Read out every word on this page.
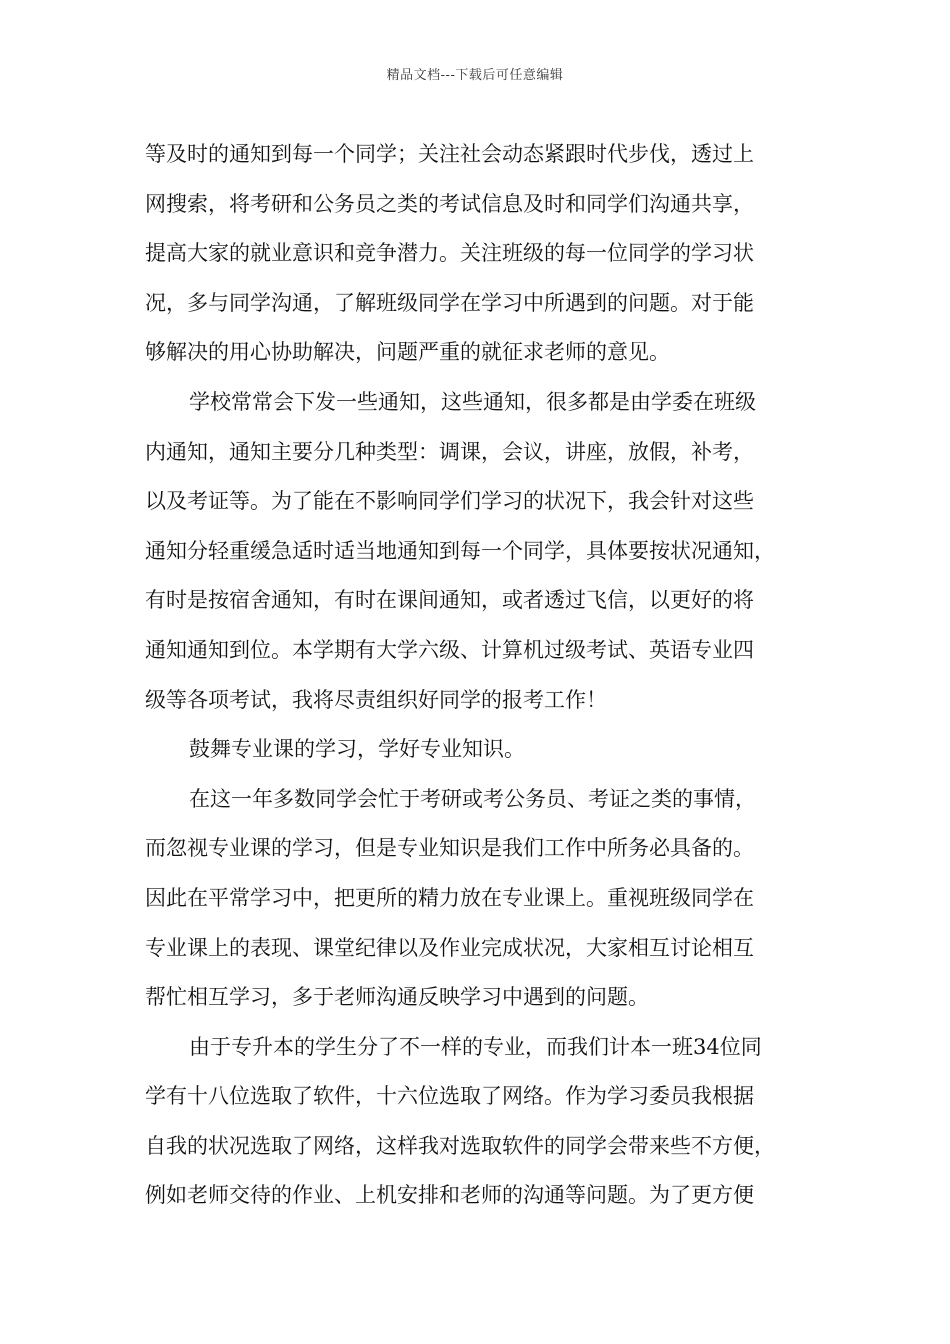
精品文档---下载后可任意编辑
等及时的通知到每一个同学；关注社会动态紧跟时代步伐，透过上
网搜索，将考研和公务员之类的考试信息及时和同学们沟通共享，
提高大家的就业意识和竞争潜力。关注班级的每一位同学的学习状
况，多与同学沟通，了解班级同学在学习中所遇到的问题。对于能
够解决的用心协助解决，问题严重的就征求老师的意见。
学校常常会下发一些通知，这些通知，很多都是由学委在班级
内通知，通知主要分几种类型：调课，会议，讲座，放假，补考，
以及考证等。为了能在不影响同学们学习的状况下，我会针对这些
通知分轻重缓急适时适当地通知到每一个同学，具体要按状况通知，
有时是按宿舍通知，有时在课间通知，或者透过飞信，以更好的将
通知通知到位。本学期有大学六级、计算机过级考试、英语专业四
级等各项考试，我将尽责组织好同学的报考工作！
鼓舞专业课的学习，学好专业知识。
在这一年多数同学会忙于考研或考公务员、考证之类的事情，
而忽视专业课的学习，但是专业知识是我们工作中所务必具备的。
因此在平常学习中，把更所的精力放在专业课上。重视班级同学在
专业课上的表现、课堂纪律以及作业完成状况，大家相互讨论相互
帮忙相互学习，多于老师沟通反映学习中遇到的问题。
由于专升本的学生分了不一样的专业，而我们计本一班34位同
学有十八位选取了软件，十六位选取了网络。作为学习委员我根据
自我的状况选取了网络，这样我对选取软件的同学会带来些不方便，
例如老师交待的作业、上机安排和老师的沟通等问题。为了更方便
